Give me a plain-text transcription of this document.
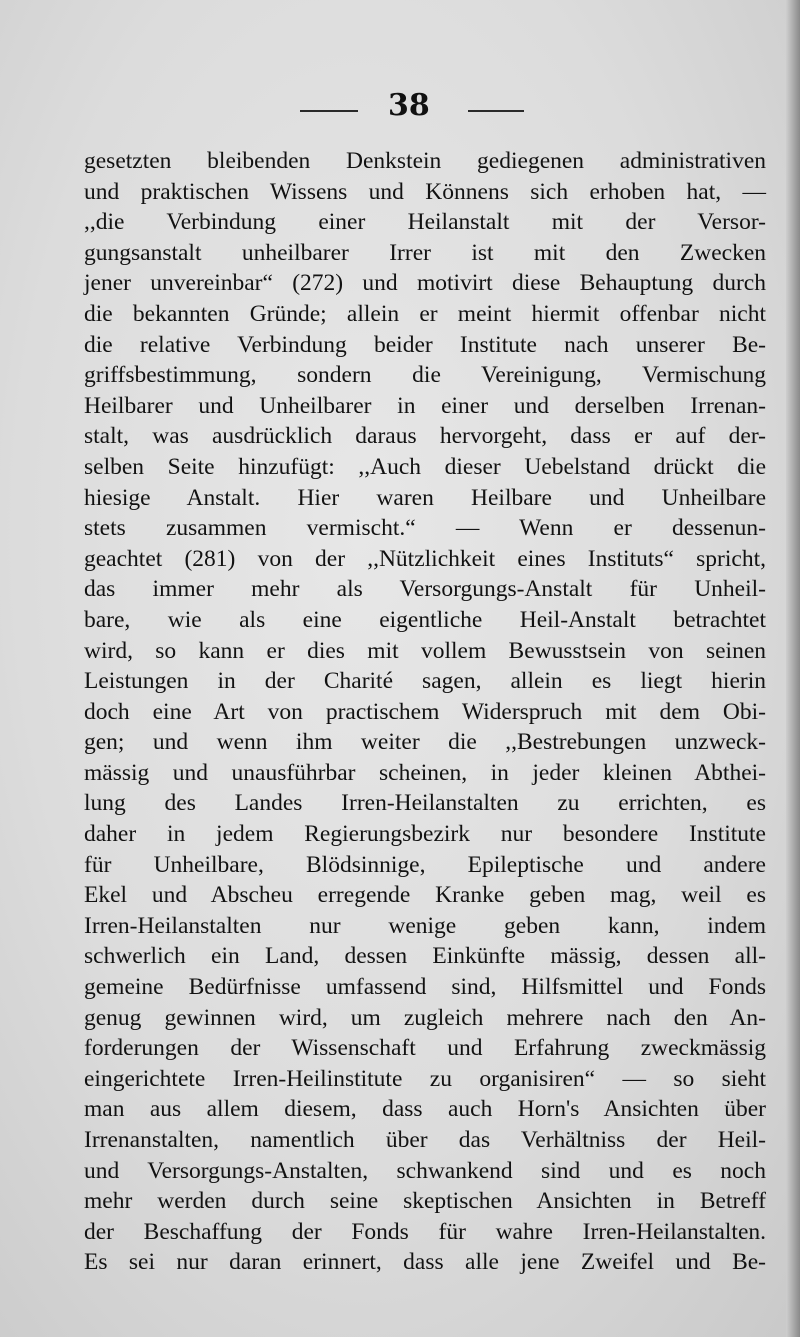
38
gesetzten bleibenden Denkstein gediegenen administrativen
und praktischen Wissens und Könnens sich erhoben hat, —
,,die Verbindung einer Heilanstalt mit der Versor-
gungsanstalt unheilbarer Irrer ist mit den Zwecken
jener unvereinbar“ (272) und motivirt diese Behauptung durch
die bekannten Gründe; allein er meint hiermit offenbar nicht
die relative Verbindung beider Institute nach unserer Be-
griffsbestimmung, sondern die Vereinigung, Vermischung
Heilbarer und Unheilbarer in einer und derselben Irrenan-
stalt, was ausdrücklich daraus hervorgeht, dass er auf der-
selben Seite hinzufügt: ,,Auch dieser Uebelstand drückt die
hiesige Anstalt. Hier waren Heilbare und Unheilbare
stets zusammen vermischt.“ — Wenn er dessenun-
geachtet (281) von der ,,Nützlichkeit eines Instituts“ spricht,
das immer mehr als Versorgungs-Anstalt für Unheil-
bare, wie als eine eigentliche Heil-Anstalt betrachtet
wird, so kann er dies mit vollem Bewusstsein von seinen
Leistungen in der Charité sagen, allein es liegt hierin
doch eine Art von practischem Widerspruch mit dem Obi-
gen; und wenn ihm weiter die ,,Bestrebungen unzweck-
mässig und unausführbar scheinen, in jeder kleinen Abthei-
lung des Landes Irren-Heilanstalten zu errichten, es
daher in jedem Regierungsbezirk nur besondere Institute
für Unheilbare, Blödsinnige, Epileptische und andere
Ekel und Abscheu erregende Kranke geben mag, weil es
Irren-Heilanstalten nur wenige geben kann, indem
schwerlich ein Land, dessen Einkünfte mässig, dessen all-
gemeine Bedürfnisse umfassend sind, Hilfsmittel und Fonds
genug gewinnen wird, um zugleich mehrere nach den An-
forderungen der Wissenschaft und Erfahrung zweckmässig
eingerichtete Irren-Heilinstitute zu organisiren“ — so sieht
man aus allem diesem, dass auch Horn's Ansichten über
Irrenanstalten, namentlich über das Verhältniss der Heil-
und Versorgungs-Anstalten, schwankend sind und es noch
mehr werden durch seine skeptischen Ansichten in Betreff
der Beschaffung der Fonds für wahre Irren-Heilanstalten.
Es sei nur daran erinnert, dass alle jene Zweifel und Be-
